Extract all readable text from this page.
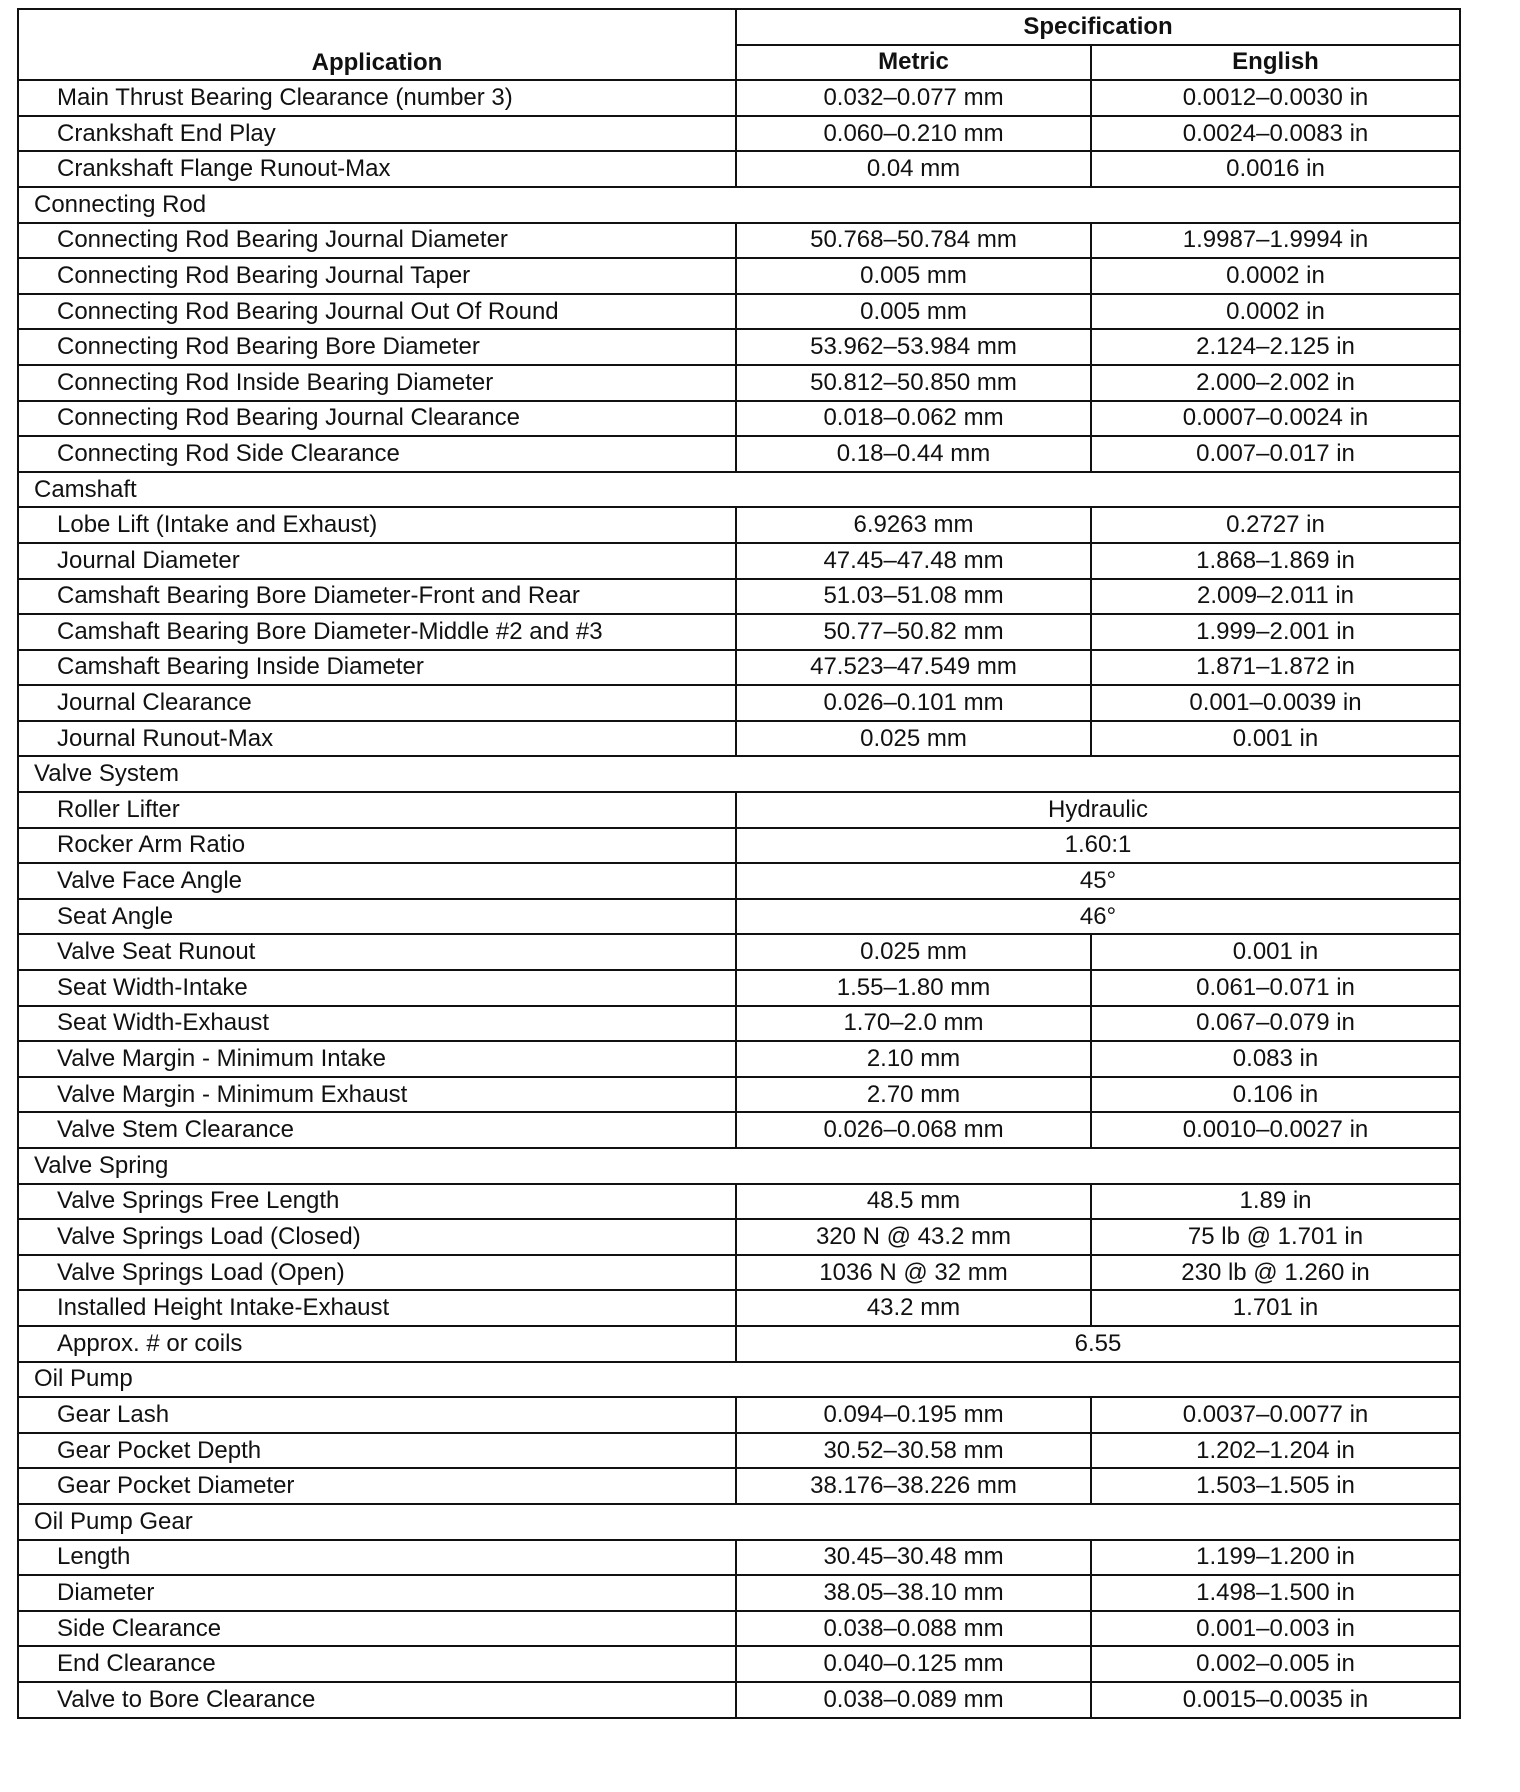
Application	Specification	
	Metric	English
Main Thrust Bearing Clearance (number 3)	0.032–0.077 mm	0.0012–0.0030 in
Crankshaft End Play	0.060–0.210 mm	0.0024–0.0083 in
Crankshaft Flange Runout-Max	0.04 mm	0.0016 in
Connecting Rod		
Connecting Rod Bearing Journal Diameter	50.768–50.784 mm	1.9987–1.9994 in
Connecting Rod Bearing Journal Taper	0.005 mm	0.0002 in
Connecting Rod Bearing Journal Out Of Round	0.005 mm	0.0002 in
Connecting Rod Bearing Bore Diameter	53.962–53.984 mm	2.124–2.125 in
Connecting Rod Inside Bearing Diameter	50.812–50.850 mm	2.000–2.002 in
Connecting Rod Bearing Journal Clearance	0.018–0.062 mm	0.0007–0.0024 in
Connecting Rod Side Clearance	0.18–0.44 mm	0.007–0.017 in
Camshaft		
Lobe Lift (Intake and Exhaust)	6.9263 mm	0.2727 in
Journal Diameter	47.45–47.48 mm	1.868–1.869 in
Camshaft Bearing Bore Diameter-Front and Rear	51.03–51.08 mm	2.009–2.011 in
Camshaft Bearing Bore Diameter-Middle #2 and #3	50.77–50.82 mm	1.999–2.001 in
Camshaft Bearing Inside Diameter	47.523–47.549 mm	1.871–1.872 in
Journal Clearance	0.026–0.101 mm	0.001–0.0039 in
Journal Runout-Max	0.025 mm	0.001 in
Valve System		
Roller Lifter	Hydraulic	
Rocker Arm Ratio	1.60:1	
Valve Face Angle	45°	
Seat Angle	46°	
Valve Seat Runout	0.025 mm	0.001 in
Seat Width-Intake	1.55–1.80 mm	0.061–0.071 in
Seat Width-Exhaust	1.70–2.0 mm	0.067–0.079 in
Valve Margin - Minimum Intake	2.10 mm	0.083 in
Valve Margin - Minimum Exhaust	2.70 mm	0.106 in
Valve Stem Clearance	0.026–0.068 mm	0.0010–0.0027 in
Valve Spring		
Valve Springs Free Length	48.5 mm	1.89 in
Valve Springs Load (Closed)	320 N @ 43.2 mm	75 lb @ 1.701 in
Valve Springs Load (Open)	1036 N @ 32 mm	230 lb @ 1.260 in
Installed Height Intake-Exhaust	43.2 mm	1.701 in
Approx. # or coils	6.55	
Oil Pump		
Gear Lash	0.094–0.195 mm	0.0037–0.0077 in
Gear Pocket Depth	30.52–30.58 mm	1.202–1.204 in
Gear Pocket Diameter	38.176–38.226 mm	1.503–1.505 in
Oil Pump Gear		
Length	30.45–30.48 mm	1.199–1.200 in
Diameter	38.05–38.10 mm	1.498–1.500 in
Side Clearance	0.038–0.088 mm	0.001–0.003 in
End Clearance	0.040–0.125 mm	0.002–0.005 in
Valve to Bore Clearance	0.038–0.089 mm	0.0015–0.0035 in
